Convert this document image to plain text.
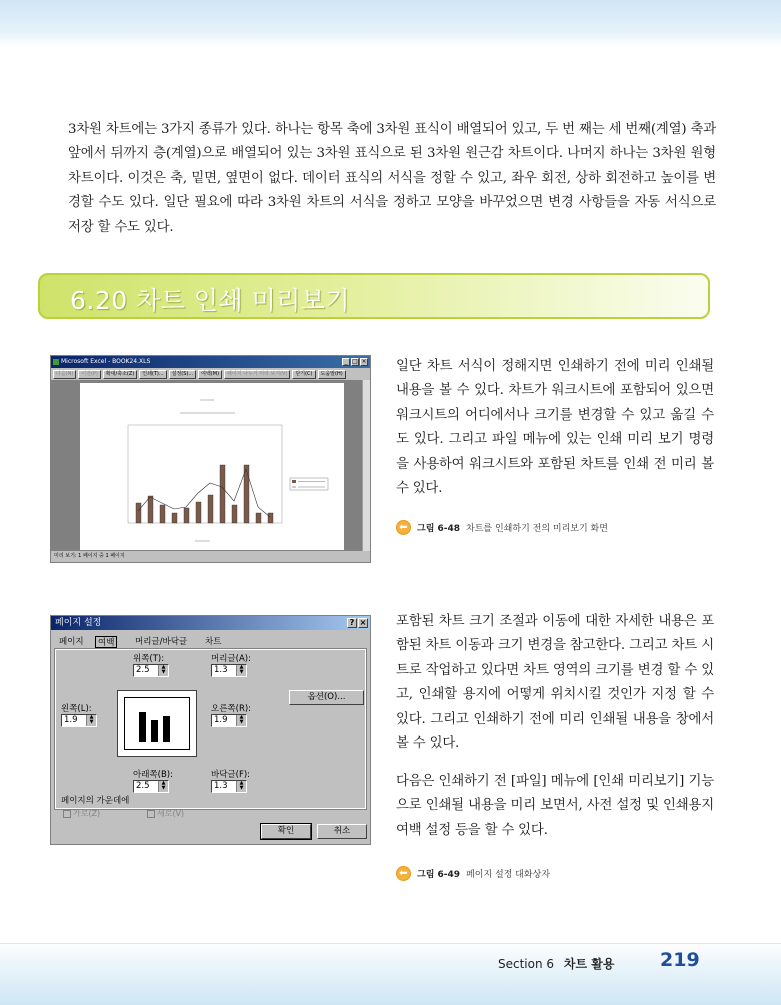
3차원 차트에는 3가지 종류가 있다. 하나는 항목 축에 3차원 표식이 배열되어 있고, 두 번 째는 세 번째(계열) 축과 앞에서 뒤까지 층(계열)으로 배열되어 있는 3차원 표식으로 된 3차원 원근감 차트이다. 나머지 하나는 3차원 원형 차트이다. 이것은 축, 밑면, 옆면이 없다. 데이터 표식의 서식을 정할 수 있고, 좌우 회전, 상하 회전하고 높이를 변경할 수도 있다. 일단 필요에 따라 3차원 차트의 서식을 정하고 모양을 바꾸었으면 변경 사항들을 자동 서식으로 저장 할 수도 있다.

6.20 차트 인쇄 미리보기
Microsoft Excel - BOOK24.XLS	_ □ ×
다음(N)	이전(P)	확대/축소(Z)	인쇄(T)...	설정(S)...	여백(M)	페이지 나누기 미리 보기(V)	닫기(C)	도움말(H)
미리 보기: 1 페이지 중 1 페이지

일단 차트 서식이 정해지면 인쇄하기 전에 미리 인쇄될 내용을 볼 수 있다. 차트가 워크시트에 포함되어 있으면 워크시트의 어디에서나 크기를 변경할 수 있고 옮길 수도 있다. 그리고 파일 메뉴에 있는 인쇄 미리 보기 명령을 사용하여 워크시트와 포함된 차트를 인쇄 전 미리 볼 수 있다.

⬅	그림 6-48 차트를 인쇄하기 전의 미리보기 화면
페이지 설정	? ×
페이지	여백	머리글/바닥글 차트
위쪽(T):
2.5	▲
▼
머리글(A):
1.3	▲
▼
옵션(O)...
왼쪽(L):
1.9	▲
▼
오른쪽(R):
1.9	▲
▼
아래쪽(B):
2.5	▲
▼
바닥글(F):
1.3	▲
▼
페이지의 가운데에
가로(Z)	세로(V)
확인	취소

포함된 차트 크기 조절과 이동에 대한 자세한 내용은 포함된 차트 이동과 크기 변경을 참고한다. 그리고 차트 시트로 작업하고 있다면 차트 영역의 크기를 변경 할 수 있고, 인쇄할 용지에 어떻게 위치시킬 것인가 지정 할 수 있다. 그리고 인쇄하기 전에 미리 인쇄될 내용을 창에서 볼 수 있다.

다음은 인쇄하기 전 [파일] 메뉴에 [인쇄 미리보기] 기능으로 인쇄될 내용을 미리 보면서, 사전 설정 및 인쇄용지 여백 설정 등을 할 수 있다.

⬅	그림 6-49 페이지 설정 대화상자
Section 6 차트 활용 219
